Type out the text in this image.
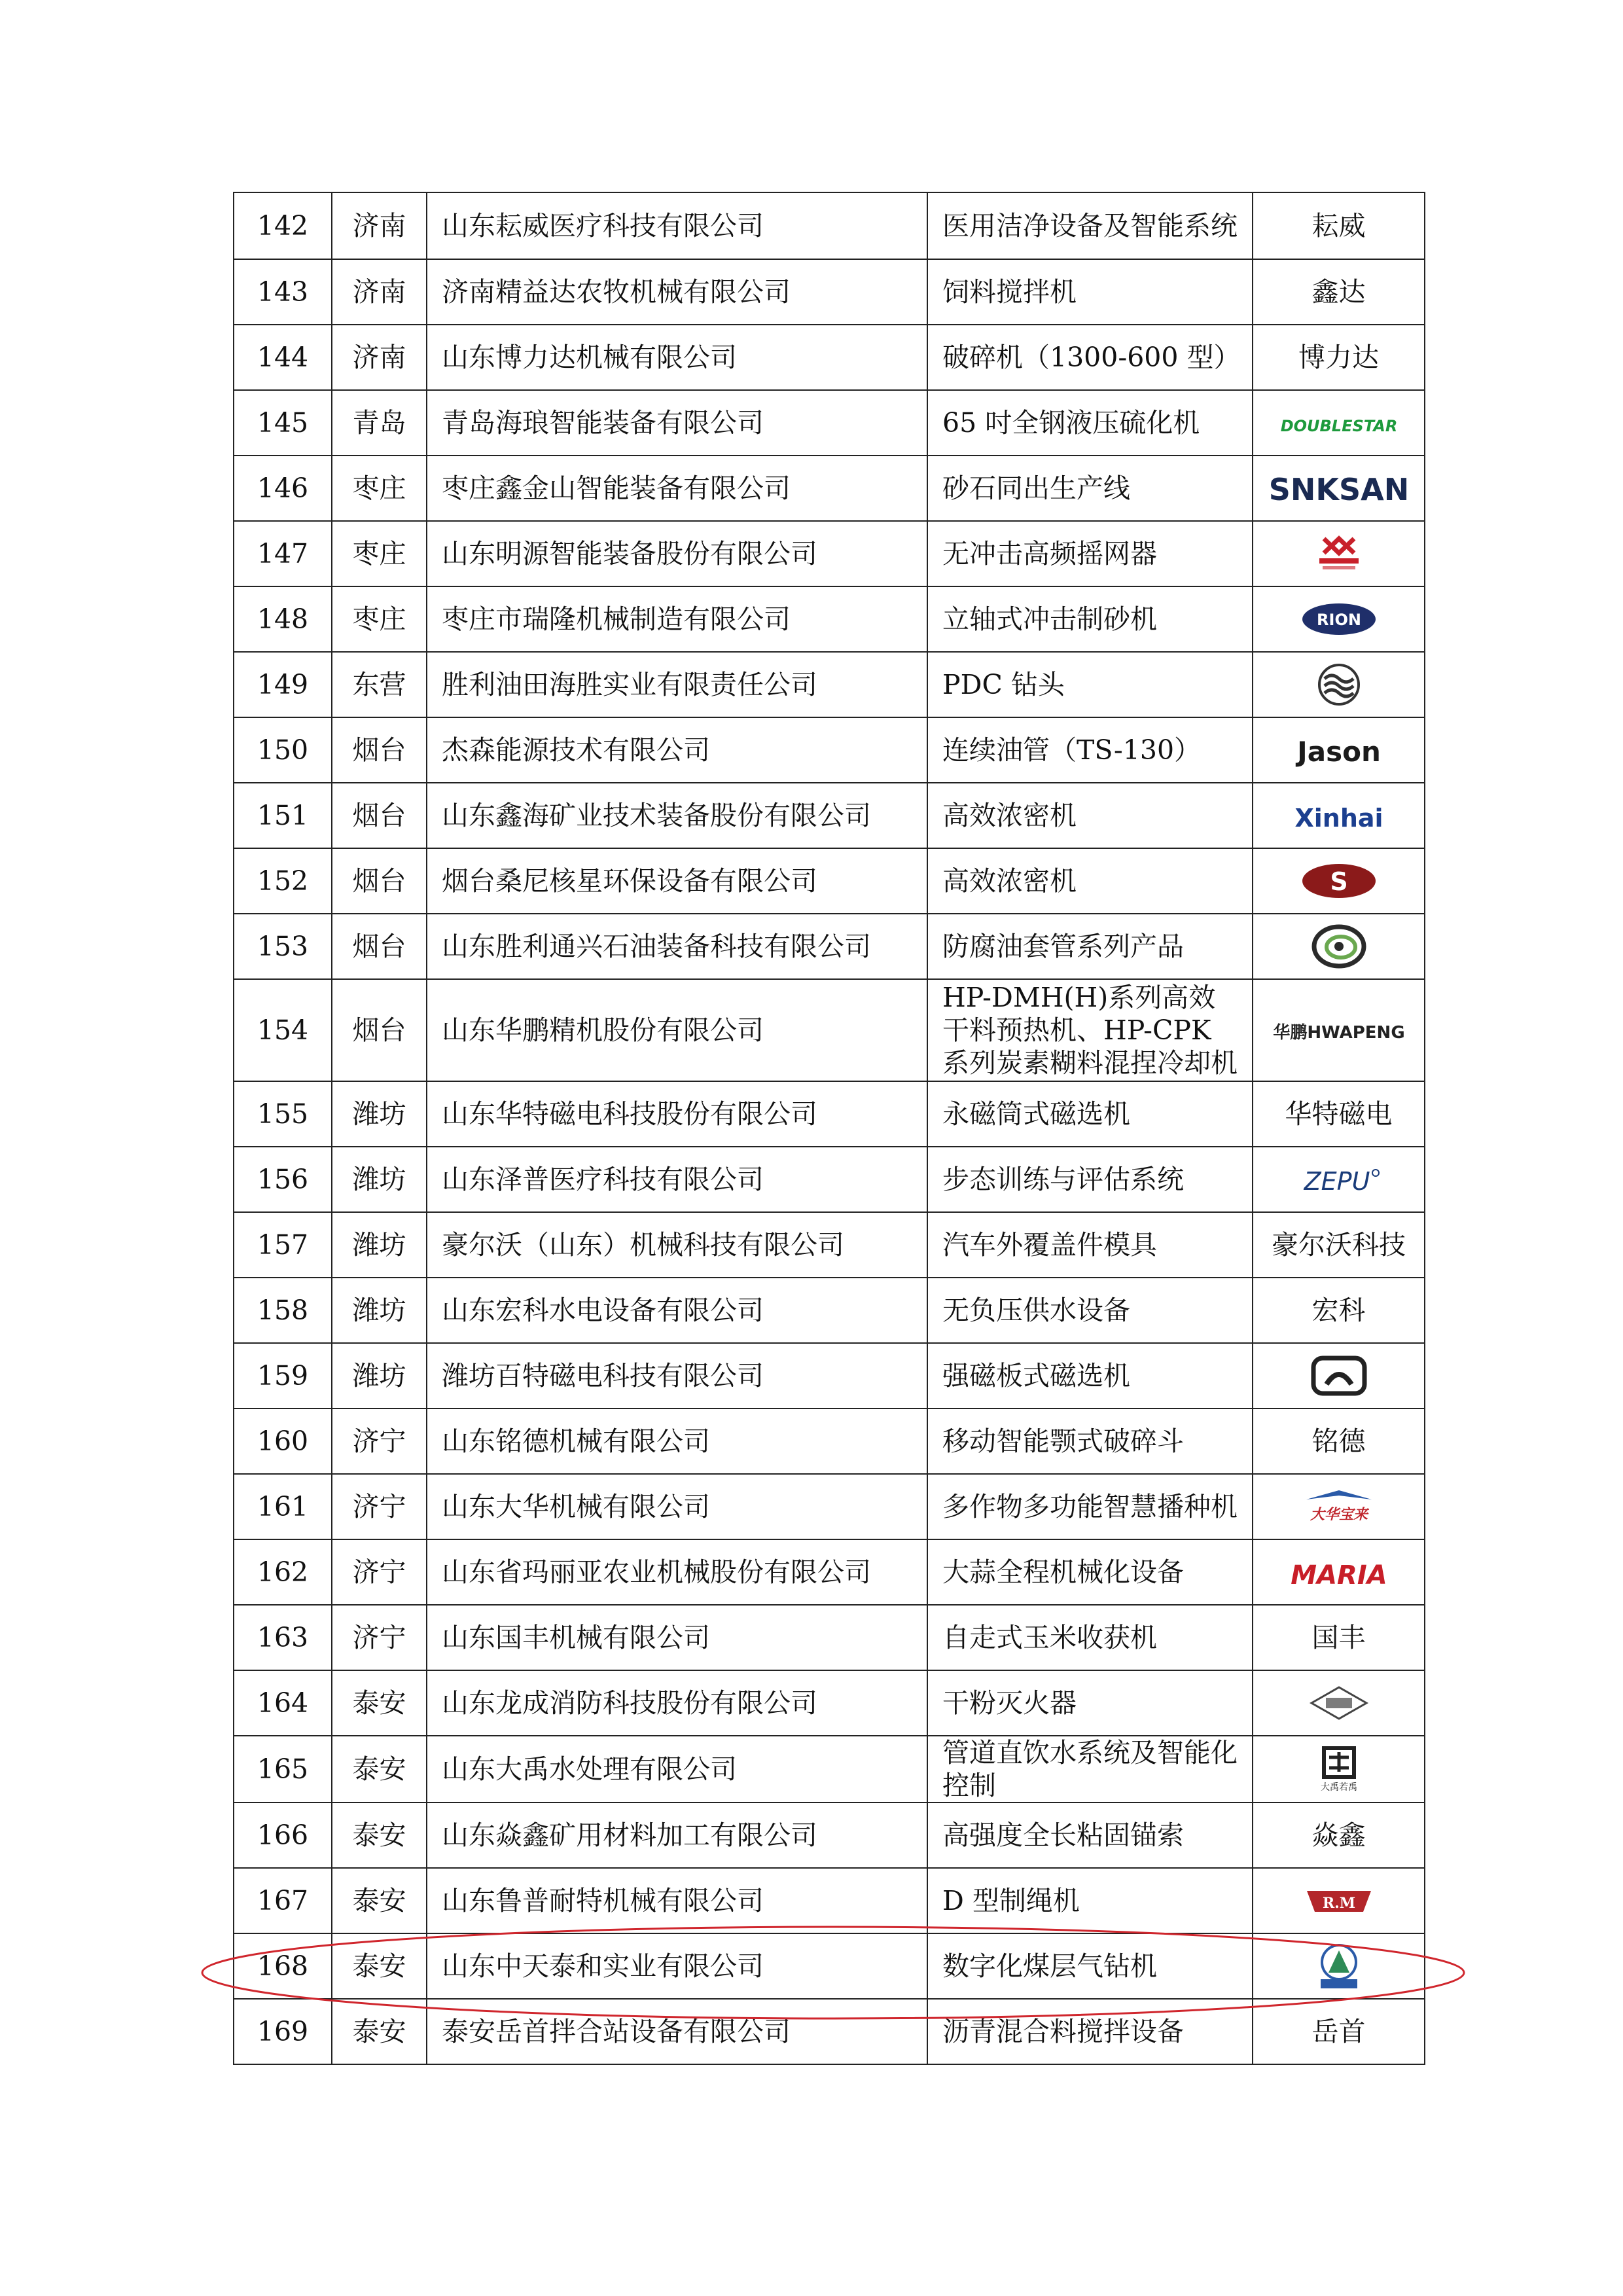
142	济南	山东耘威医疗科技有限公司	医用洁净设备及智能系统	耘威
143	济南	济南精益达农牧机械有限公司	饲料搅拌机	鑫达
144	济南	山东博力达机械有限公司	破碎机（1300-600 型）	博力达
145	青岛	青岛海琅智能装备有限公司	65 吋全钢液压硫化机	DOUBLESTAR

146	枣庄	枣庄鑫金山智能装备有限公司	砂石同出生产线	SNKSAN

147	枣庄	山东明源智能装备股份有限公司	无冲击高频摇网器	
148	枣庄	枣庄市瑞隆机械制造有限公司	立轴式冲击制砂机	RION

149	东营	胜利油田海胜实业有限责任公司	PDC 钻头	
150	烟台	杰森能源技术有限公司	连续油管（TS-130）	Jason

151	烟台	山东鑫海矿业技术装备股份有限公司	高效浓密机	Xinhai

152	烟台	烟台桑尼核星环保设备有限公司	高效浓密机	S

153	烟台	山东胜利通兴石油装备科技有限公司	防腐油套管系列产品	
154	烟台	山东华鹏精机股份有限公司	HP-DMH(H)系列高效干料预热机、HP-CPK 系列炭素糊料混捏冷却机	华鹏HWAPENG

155	潍坊	山东华特磁电科技股份有限公司	永磁筒式磁选机	华特磁电
156	潍坊	山东泽普医疗科技有限公司	步态训练与评估系统	ZEPU

157	潍坊	豪尔沃（山东）机械科技有限公司	汽车外覆盖件模具	豪尔沃科技
158	潍坊	山东宏科水电设备有限公司	无负压供水设备	宏科
159	潍坊	潍坊百特磁电科技有限公司	强磁板式磁选机	
160	济宁	山东铭德机械有限公司	移动智能颚式破碎斗	铭德
161	济宁	山东大华机械有限公司	多作物多功能智慧播种机	大华宝来

162	济宁	山东省玛丽亚农业机械股份有限公司	大蒜全程机械化设备	MARIA

163	济宁	山东国丰机械有限公司	自走式玉米收获机	国丰
164	泰安	山东龙成消防科技股份有限公司	干粉灭火器	
165	泰安	山东大禹水处理有限公司	管道直饮水系统及智能化控制	大禹若禹

166	泰安	山东焱鑫矿用材料加工有限公司	高强度全长粘固锚索	焱鑫
167	泰安	山东鲁普耐特机械有限公司	D 型制绳机	R.M

168	泰安	山东中天泰和实业有限公司	数字化煤层气钻机	
169	泰安	泰安岳首拌合站设备有限公司	沥青混合料搅拌设备	岳首
